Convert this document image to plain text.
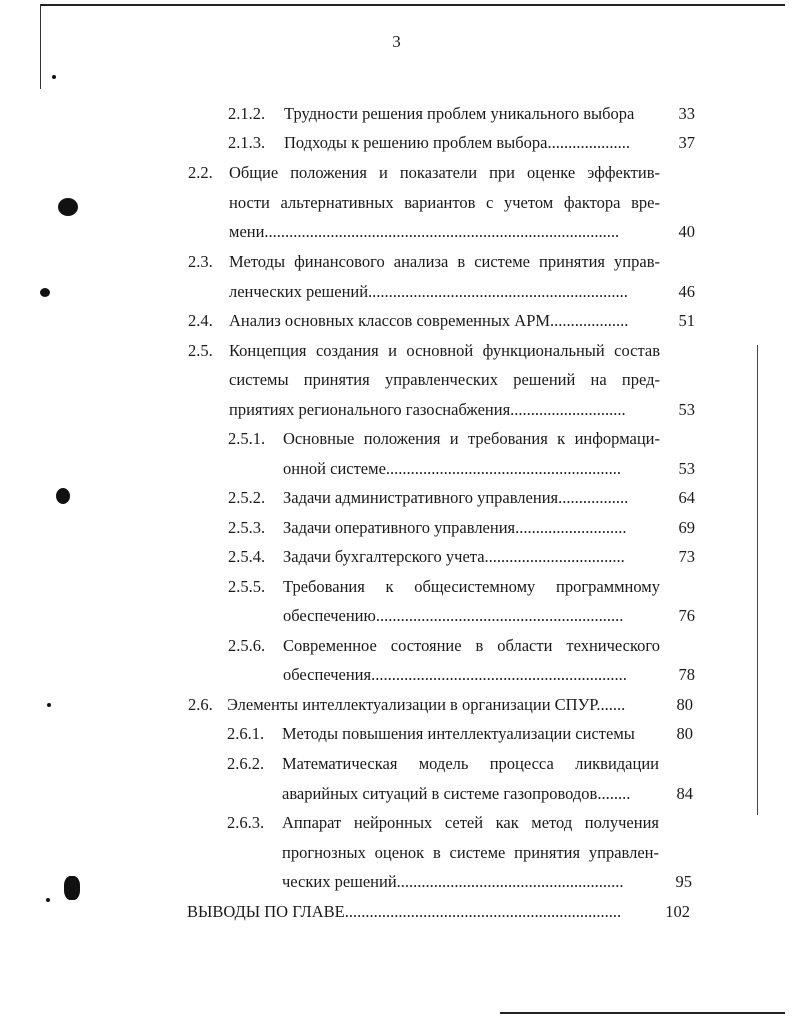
3
2.1.2. Трудности решения проблем уникального выбора	33
2.1.3. Подходы к решению проблем выбора....................	37
2.2. Общие положения и показатели при оценке эффектив-
ности альтернативных вариантов с учетом фактора вре-
мени......................................................................................	40
2.3. Методы финансового анализа в системе принятия управ-
ленческих решений...............................................................	46
2.4. Анализ основных классов современных АРМ...................	51
2.5. Концепция создания и основной функциональный состав
системы принятия управленческих решений на пред-
приятиях регионального газоснабжения............................	53
2.5.1. Основные положения и требования к информаци-
онной системе.........................................................	53
2.5.2. Задачи административного управления.................	64
2.5.3. Задачи оперативного управления...........................	69
2.5.4. Задачи бухгалтерского учета..................................	73
2.5.5. Требования к общесистемному программному
обеспечению............................................................	76
2.5.6. Современное состояние в области технического
обеспечения..............................................................	78
2.6. Элементы интеллектуализации в организации СПУР.......	80
2.6.1. Методы повышения интеллектуализации системы	80
2.6.2. Математическая модель процесса ликвидации
аварийных ситуаций в системе газопроводов........	84
2.6.3. Аппарат нейронных сетей как метод получения
прогнозных оценок в системе принятия управлен-
ческих решений.......................................................	95
ВЫВОДЫ ПО ГЛАВЕ...................................................................	102
